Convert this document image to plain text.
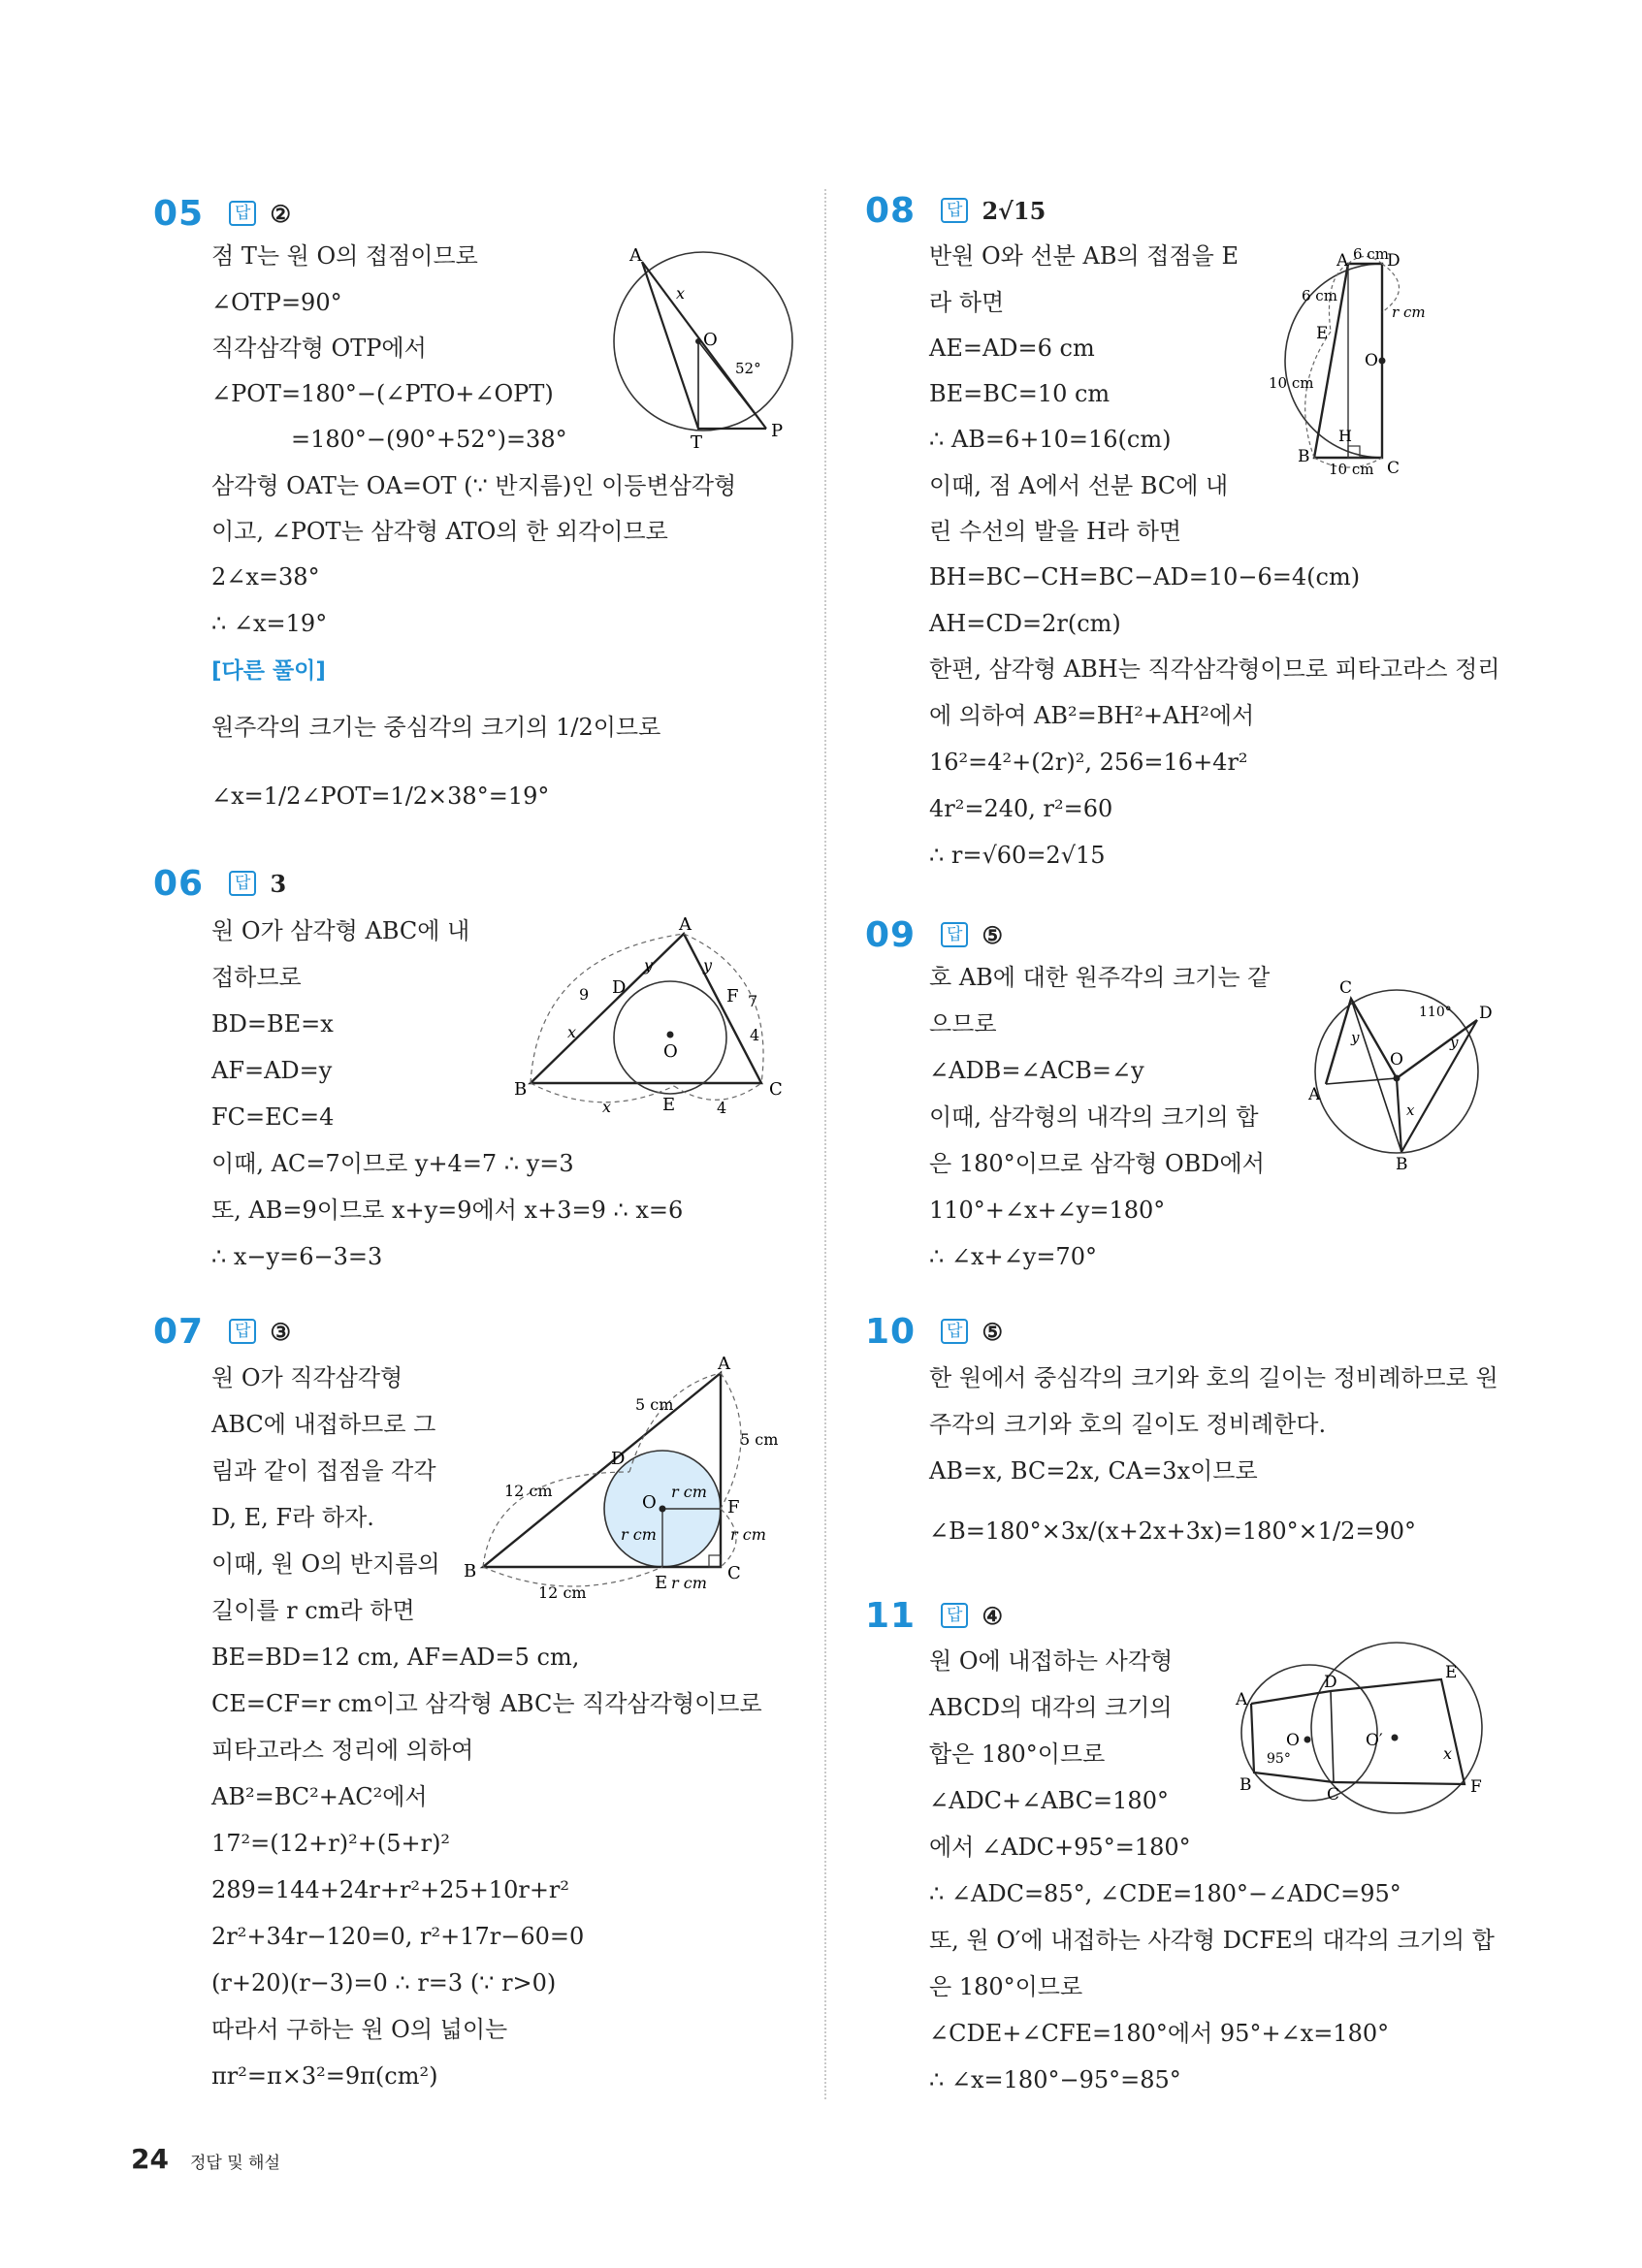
05	답 ②
점 T는 원 O의 접점이므로
∠OTP=90°
직각삼각형 OTP에서
∠POT=180°−(∠PTO+∠OPT)
=180°−(90°+52°)=38°
삼각형 OAT는 OA=OT (∵ 반지름)인 이등변삼각형
이고, ∠POT는 삼각형 ATO의 한 외각이므로
2∠x=38°
∴ ∠x=19°
[다른 풀이]
원주각의 크기는 중심각의 크기의 1/2이므로
∠x=1/2∠POT=1/2×38°=19°
A
x
O
52°
T
P
06	답 3
원 O가 삼각형 ABC에 내
접하므로
BD=BE=x
AF=AD=y
FC=EC=4
이때, AC=7이므로 y+4=7 ∴ y=3
또, AB=9이므로 x+y=9에서 x+3=9 ∴ x=6
∴ x−y=6−3=3
A
B	C
D
E
F
O
x
x
y	y
9	7
4
4
07	답 ③
원 O가 직각삼각형
ABC에 내접하므로 그
림과 같이 접점을 각각
D, E, F라 하자.
이때, 원 O의 반지름의
길이를 r cm라 하면
BE=BD=12 cm, AF=AD=5 cm,
CE=CF=r cm이고 삼각형 ABC는 직각삼각형이므로
피타고라스 정리에 의하여
AB²=BC²+AC²에서
17²=(12+r)²+(5+r)²
289=144+24r+r²+25+10r+r²
2r²+34r−120=0, r²+17r−60=0
(r+20)(r−3)=0 ∴ r=3 (∵ r>0)
따라서 구하는 원 O의 넓이는
πr²=π×3²=9π(cm²)
A
B	C
D
E
F
O
5 cm
5 cm
12 cm
12 cm
r cm
r cm	r cm
r cm
08	답 2√15
반원 O와 선분 AB의 접점을 E
라 하면
AE=AD=6 cm
BE=BC=10 cm
∴ AB=6+10=16(cm)
이때, 점 A에서 선분 BC에 내
린 수선의 발을 H라 하면
BH=BC−CH=BC−AD=10−6=4(cm)
AH=CD=2r(cm)
한편, 삼각형 ABH는 직각삼각형이므로 피타고라스 정리
에 의하여 AB²=BH²+AH²에서
16²=4²+(2r)², 256=16+4r²
4r²=240, r²=60
∴ r=√60=2√15
A D
6 cm
6 cm
E
r cm
O
10 cm
H
B
10 cm C
09	답 ⑤
호 AB에 대한 원주각의 크기는 같
으므로
∠ADB=∠ACB=∠y
이때, 삼각형의 내각의 크기의 합
은 180°이므로 삼각형 OBD에서
110°+∠x+∠y=180°
∴ ∠x+∠y=70°
C
D
A
B
O
110°
y	y
x
10	답 ⑤
한 원에서 중심각의 크기와 호의 길이는 정비례하므로 원
주각의 크기와 호의 길이도 정비례한다.
AB=x, BC=2x, CA=3x이므로
∠B=180°×3x/(x+2x+3x)=180°×1/2=90°
11	답 ④
원 O에 내접하는 사각형
ABCD의 대각의 크기의
합은 180°이므로
∠ADC+∠ABC=180°
에서 ∠ADC+95°=180°
∴ ∠ADC=85°, ∠CDE=180°−∠ADC=95°
또, 원 O′에 내접하는 사각형 DCFE의 대각의 크기의 합
은 180°이므로
∠CDE+∠CFE=180°에서 95°+∠x=180°
∴ ∠x=180°−95°=85°
A
D	E
O	O′
95°	x
B	C	F
24 정답 및 해설
